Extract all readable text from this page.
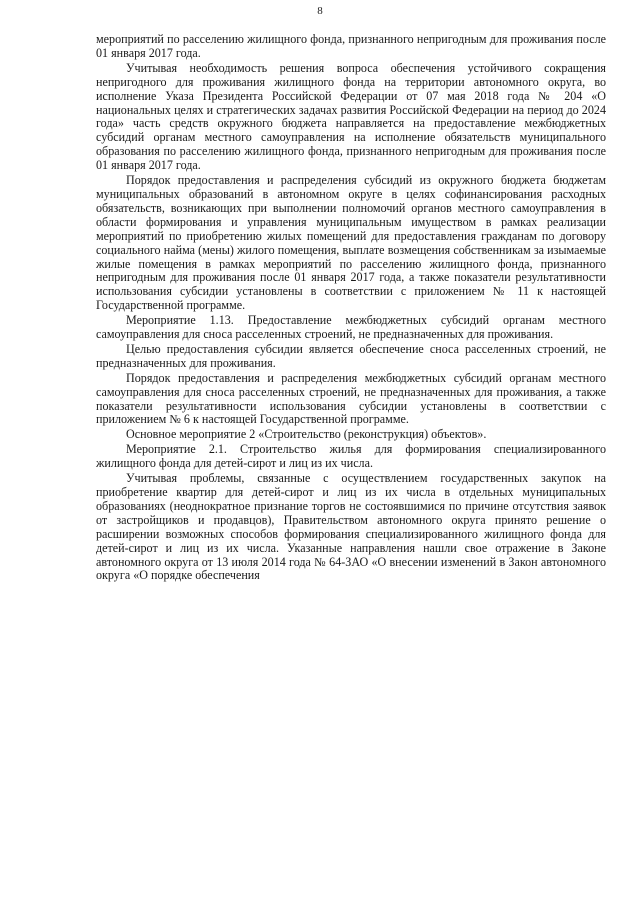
8

мероприятий по расселению жилищного фонда, признанного непригодным для проживания после 01 января 2017 года.

Учитывая необходимость решения вопроса обеспечения устойчивого сокращения непригодного для проживания жилищного фонда на территории автономного округа, во исполнение Указа Президента Российской Федерации от 07 мая 2018 года № 204 «О национальных целях и стратегических задачах развития Российской Федерации на период до 2024 года» часть средств окружного бюджета направляется на предоставление межбюджетных субсидий органам местного самоуправления на исполнение обязательств муниципального образования по расселению жилищного фонда, признанного непригодным для проживания после 01 января 2017 года.

Порядок предоставления и распределения субсидий из окружного бюджета бюджетам муниципальных образований в автономном округе в целях софинансирования расходных обязательств, возникающих при выполнении полномочий органов местного самоуправления в области формирования и управления муниципальным имуществом в рамках реализации мероприятий по приобретению жилых помещений для предоставления гражданам по договору социального найма (мены) жилого помещения, выплате возмещения собственникам за изымаемые жилые помещения в рамках мероприятий по расселению жилищного фонда, признанного непригодным для проживания после 01 января 2017 года, а также показатели результативности использования субсидии установлены в соответствии с приложением № 11 к настоящей Государственной программе.

Мероприятие 1.13. Предоставление межбюджетных субсидий органам местного самоуправления для сноса расселенных строений, не предназначенных для проживания.

Целью предоставления субсидии является обеспечение сноса расселенных строений, не предназначенных для проживания.

Порядок предоставления и распределения межбюджетных субсидий органам местного самоуправления для сноса расселенных строений, не предназначенных для проживания, а также показатели результативности использования субсидии установлены в соответствии с приложением № 6 к настоящей Государственной программе.

Основное мероприятие 2 «Строительство (реконструкция) объектов».

Мероприятие 2.1. Строительство жилья для формирования специализированного жилищного фонда для детей-сирот и лиц из их числа.

Учитывая проблемы, связанные с осуществлением государственных закупок на приобретение квартир для детей-сирот и лиц из их числа в отдельных муниципальных образованиях (неоднократное признание торгов не состоявшимися по причине отсутствия заявок от застройщиков и продавцов), Правительством автономного округа принято решение о расширении возможных способов формирования специализированного жилищного фонда для детей-сирот и лиц из их числа. Указанные направления нашли свое отражение в Законе автономного округа от 13 июля 2014 года № 64-ЗАО «О внесении изменений в Закон автономного округа «О порядке обеспечения
